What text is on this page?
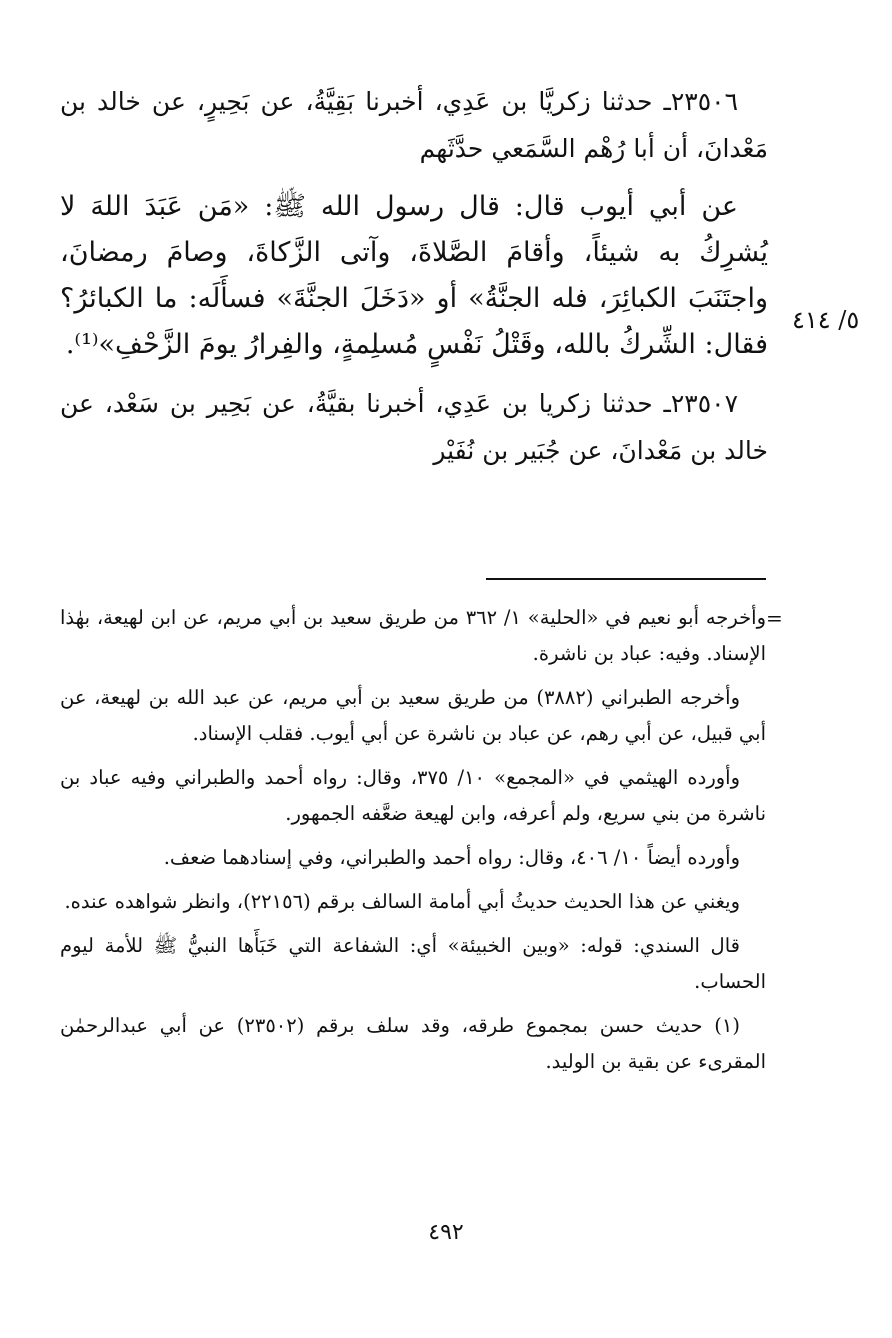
٢٣٥٠٦ـ حدثنا زكريَّا بن عَدِي، أخبرنا بَقِيَّةُ، عن بَحِيرٍ، عن خالد بن مَعْدانَ، أن أبا رُهْم السَّمَعي حدَّثَهم

عن أبي أيوب قال: قال رسول الله ﷺ: «مَن عَبَدَ اللهَ لا يُشرِكُ به شيئاً، وأقامَ الصَّلاةَ، وآتى الزَّكاةَ، وصامَ رمضانَ، واجتَنَبَ الكبائِرَ، فله الجنَّةُ» أو «دَخَلَ الجنَّةَ» فسأَلَه: ما الكبائرُ؟ فقال: الشِّركُ بالله، وقَتْلُ نَفْسٍ مُسلِمةٍ، والفِرارُ يومَ الزَّحْفِ»⁽¹⁾.

٢٣٥٠٧ـ حدثنا زكريا بن عَدِي، أخبرنا بقيَّةُ، عن بَحِير بن سَعْد، عن خالد بن مَعْدانَ، عن جُبَير بن نُفَيْر

٥/ ٤١٤
=

وأخرجه أبو نعيم في «الحلية» ١/ ٣٦٢ من طريق سعيد بن أبي مريم، عن ابن لهيعة، بهٰذا الإسناد. وفيه: عباد بن ناشرة.

وأخرجه الطبراني (٣٨٨٢) من طريق سعيد بن أبي مريم، عن عبد الله بن لهيعة، عن أبي قبيل، عن أبي رهم، عن عباد بن ناشرة عن أبي أيوب. فقلب الإسناد.

وأورده الهيثمي في «المجمع» ١٠/ ٣٧٥، وقال: رواه أحمد والطبراني وفيه عباد بن ناشرة من بني سريع، ولم أعرفه، وابن لهيعة ضعَّفه الجمهور.

وأورده أيضاً ١٠/ ٤٠٦، وقال: رواه أحمد والطبراني، وفي إسنادهما ضعف.

ويغني عن هذا الحديث حديثُ أبي أمامة السالف برقم (٢٢١٥٦)، وانظر شواهده عنده.

قال السندي: قوله: «وبين الخبيئة» أي: الشفاعة التي خَبَأَها النبيُّ ﷺ للأمة ليوم الحساب.

(١) حديث حسن بمجموع طرقه، وقد سلف برقم (٢٣٥٠٢) عن أبي عبدالرحمٰن المقرىء عن بقية بن الوليد.

٤٩٢
